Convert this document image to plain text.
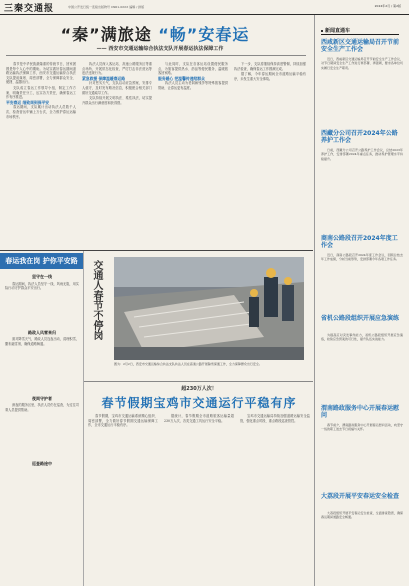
三秦交通报	中国公开发行统一连续出版物号 CN61-0XXX 编辑 / 排版	2024年2月 / 第2版
“秦”满旅途 “畅”安春运
—— 西安市交通运输综合执法支队开展春运执法保障工作

春节是中华民族最隆重的传统节日，回家团圆是每个人心中的期盼。为切实做好春运期间道路运输执法保障工作，西安市交通运输综合执法支队提前谋划、周密部署，全力保障群众安全、便捷、温馨出行。

支队成立春运工作领导小组，制定工作方案，明确责任分工，压实各方责任，确保春运工作有序推进。

平安春运 细致周到保平安

春运期间，支队累计出动执法人员数千人次，检查营运车辆上万台次，全力维护春运运输市场秩序。

执法人员深入客运站、高速公路服务区等重点场所，开展常态化检查，严厉打击非法营运等违法违规行为。

紧急救援 保障温暖春运路

针对恶劣天气，支队启动应急预案，安排专人值守，及时发布路况信息，积极配合相关部门做好交通疏导工作。

支队持续开展文明执法、柔性执法，切实提升群众出行满意度和获得感。

与此同时，支队在各客运站设置便民服务点，为旅客提供热水、药品等便民服务，温暖旅客回家路。

服务暖心 把温馨传递给群众

执法人员主动为老弱病残孕等特殊旅客提供帮助，让春运更有温度。

下一步，支队将继续保持高度警惕，持续加强执法检查，确保春运工作圆满完成。

据了解，今年春运期间全市道路运输平稳有序，未发生重大安全事故。

春运我在岗 护你平安路
坚守在一线

春运期间，执法人员坚守一线，风雨无阻，用实际行动守护群众平安出行。

路政人风雪来归

面对降雪天气，路政人员连夜出动，清理积雪，撒布融雪剂，确保道路畅通。

夜间守护者

深夜的服务区里，执法人员仍在巡查，为过往司乘人员提供帮助。

巡查路途中
交通人春节不停岗
图为：2月2日，西安市交通运输综合执法支队执法人员在高速公路开展除雪保通工作，全力保障群众出行安全。
超230万人次！
春节假期宝鸡市交通运行平稳有序

春节假期，宝鸡市交通运输系统精心组织、周密部署，全力做好春节假期交通运输保障工作，全市交通运行平稳有序。

据统计，春节假期全市道路旅客运输量超230万人次，各类交通工具运行安全平稳。

宝鸡市交通运输局持续加强道路运输安全监管，强化重点时段、重点路段巡查管控。

新闻直通车
西咸新区交通运输局召开节前安全生产工作会

近日，西咸新区交通运输局召开节前安全生产工作会议，对节日期间安全生产工作进行再部署、再强调，要求各单位切实履行安全生产职责。

西藏分公司召开2024年公路养护工作会

日前，西藏分公司召开公路养护工作会议，总结2023年养护工作，安排部署2024年重点任务，推动养护管理水平持续提升。

商南公路段召开2024年度工作会

近日，商南公路段召开2024年度工作会议，回顾总结去年工作成绩，分析当前形势，安排部署今年各项工作任务。

省机公路段组织开展应急演练

为提高应对突发事件能力，省机公路段组织开展应急演练，检验应急预案的可行性，提升队伍实战能力。

渭南路政服务中心开展春运慰问

春节前夕，渭南路政服务中心开展春运慰问活动，向坚守一线的职工送去节日祝福与关怀。

大荔段开展平安春运安全检查

大荔段组织开展平安春运安全检查，全面排查隐患，确保春运期间道路安全畅通。
